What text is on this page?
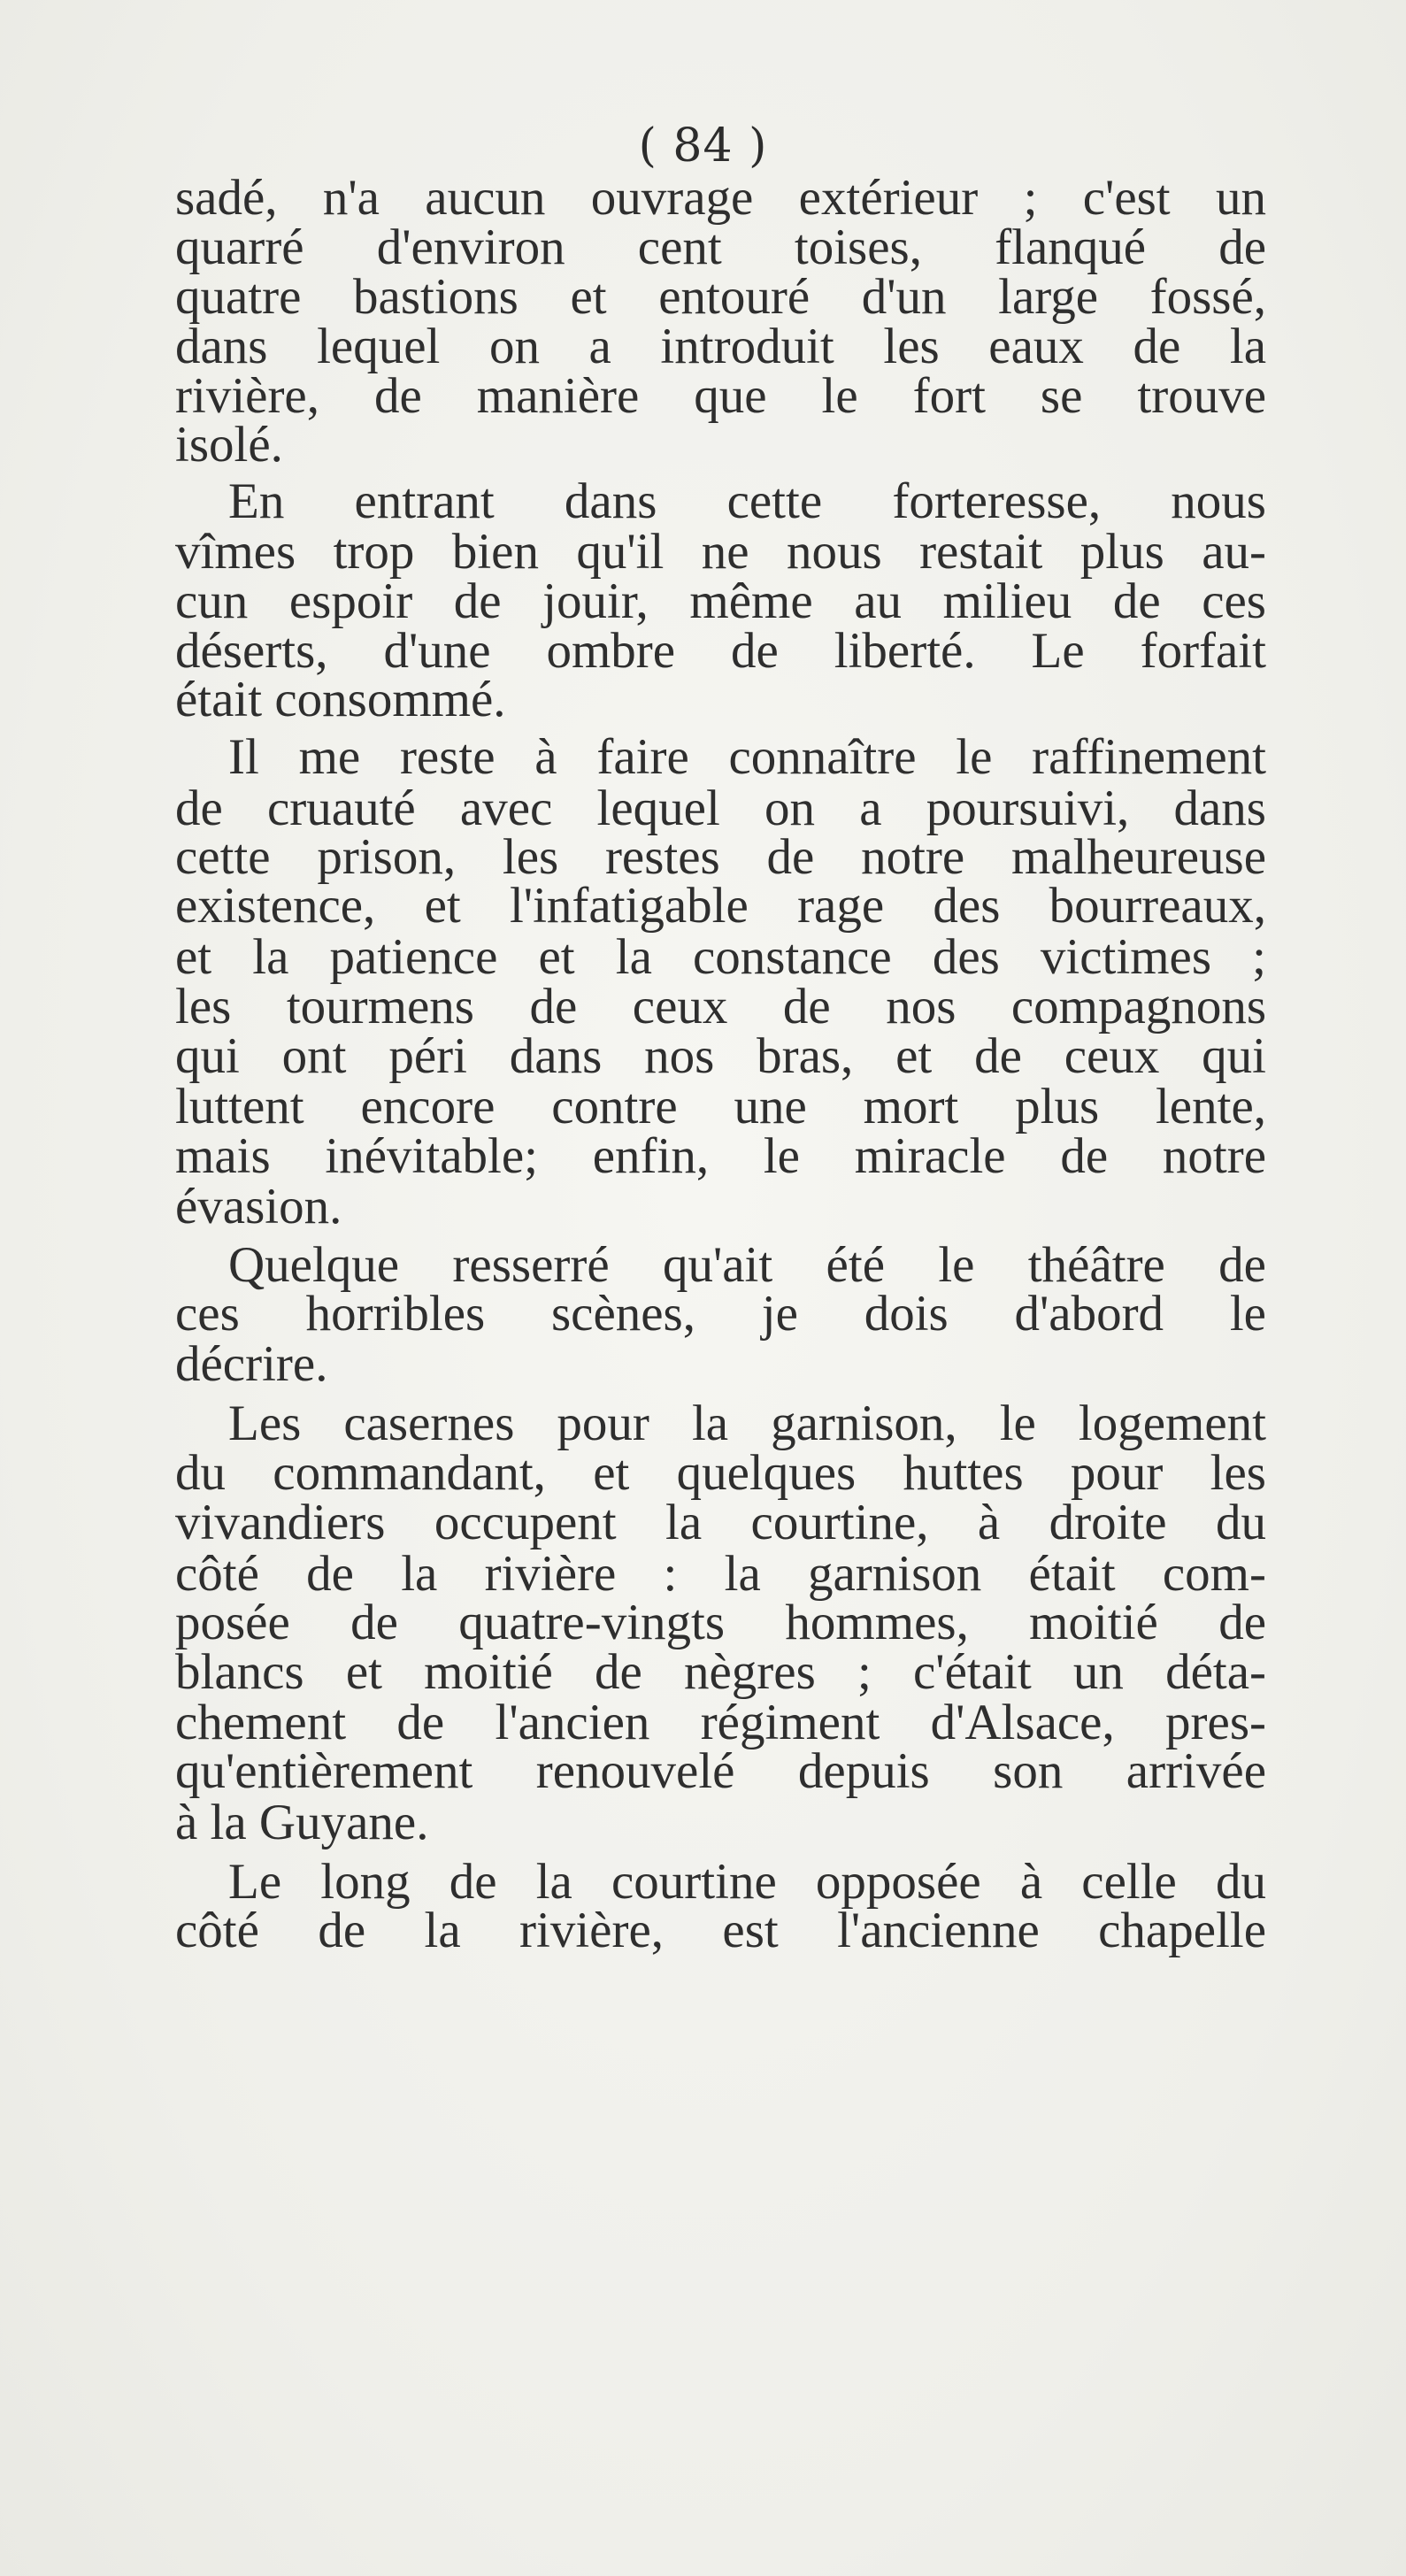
( 84 )
sadé, n'a aucun ouvrage extérieur ; c'est un
quarré d'environ cent toises, flanqué de
quatre bastions et entouré d'un large fossé,
dans lequel on a introduit les eaux de la
rivière, de manière que le fort se trouve
isolé.
En entrant dans cette forteresse, nous
vîmes trop bien qu'il ne nous restait plus au-
cun espoir de jouir, même au milieu de ces
déserts, d'une ombre de liberté. Le forfait
était consommé.
Il me reste à faire connaître le raffinement
de cruauté avec lequel on a poursuivi, dans
cette prison, les restes de notre malheureuse
existence, et l'infatigable rage des bourreaux,
et la patience et la constance des victimes ;
les tourmens de ceux de nos compagnons
qui ont péri dans nos bras, et de ceux qui
luttent encore contre une mort plus lente,
mais inévitable; enfin, le miracle de notre
évasion.
Quelque resserré qu'ait été le théâtre de
ces horribles scènes, je dois d'abord le
décrire.
Les casernes pour la garnison, le logement
du commandant, et quelques huttes pour les
vivandiers occupent la courtine, à droite du
côté de la rivière : la garnison était com-
posée de quatre-vingts hommes, moitié de
blancs et moitié de nègres ; c'était un déta-
chement de l'ancien régiment d'Alsace, pres-
qu'entièrement renouvelé depuis son arrivée
à la Guyane.
Le long de la courtine opposée à celle du
côté de la rivière, est l'ancienne chapelle
